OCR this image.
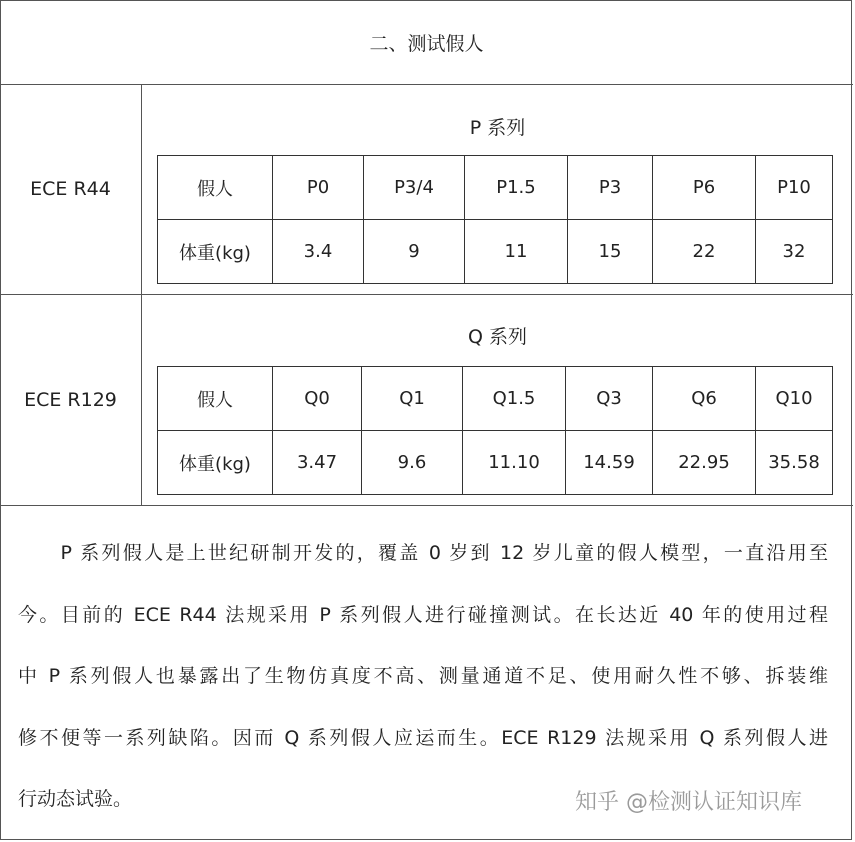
二、测试假人
ECE R44
P 系列
假人	P0	P3/4	P1.5	P3	P6	P10
体重(kg)	3.4	9	11	15	22	32
ECE R129
Q 系列
假人	Q0	Q1	Q1.5	Q3	Q6	Q10
体重(kg)	3.47	9.6	11.10	14.59	22.95	35.58
　　P 系列假人是上世纪研制开发的，覆盖 0 岁到 12 岁儿童的假人模型，一直沿用至
今。目前的 ECE R44 法规采用 P 系列假人进行碰撞测试。在长达近 40 年的使用过程
中 P 系列假人也暴露出了生物仿真度不高、测量通道不足、使用耐久性不够、拆装维
修不便等一系列缺陷。因而 Q 系列假人应运而生。ECE R129 法规采用 Q 系列假人进
行动态试验。	知乎 @检测认证知识库
